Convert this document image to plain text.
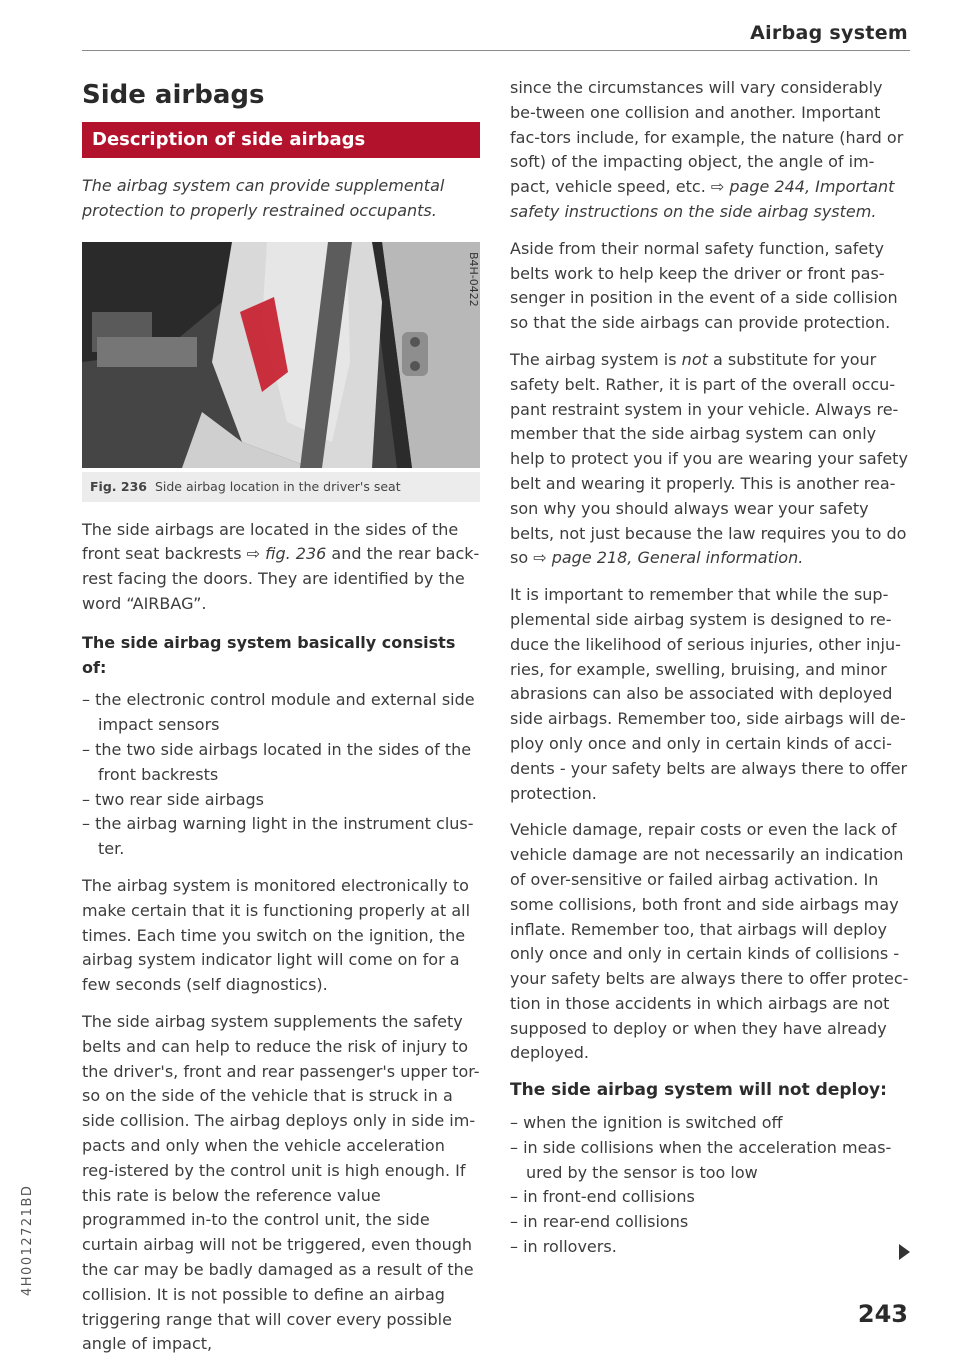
Airbag system
4H0012721BD
Side airbags
Description of side airbags

The airbag system can provide supplemental protection to properly restrained occupants.

B4H-0422
Fig. 236 Side airbag location in the driver's seat

The side airbags are located in the sides of the front seat backrests ⇨ fig. 236 and the rear back-rest facing the doors. They are identified by the word “AIRBAG”.

The side airbag system basically consists of:

– the electronic control module and external side impact sensors
– the two side airbags located in the sides of the front backrests
– two rear side airbags
– the airbag warning light in the instrument clus-ter.

The airbag system is monitored electronically to make certain that it is functioning properly at all times. Each time you switch on the ignition, the airbag system indicator light will come on for a few seconds (self diagnostics).

The side airbag system supplements the safety belts and can help to reduce the risk of injury to the driver's, front and rear passenger's upper tor-so on the side of the vehicle that is struck in a side collision. The airbag deploys only in side im-pacts and only when the vehicle acceleration reg-istered by the control unit is high enough. If this rate is below the reference value programmed in-to the control unit, the side curtain airbag will not be triggered, even though the car may be badly damaged as a result of the collision. It is not possible to define an airbag triggering range that will cover every possible angle of impact,

since the circumstances will vary considerably be-tween one collision and another. Important fac-tors include, for example, the nature (hard or soft) of the impacting object, the angle of im-pact, vehicle speed, etc. ⇨ page 244, Important safety instructions on the side airbag system.

Aside from their normal safety function, safety belts work to help keep the driver or front pas-senger in position in the event of a side collision so that the side airbags can provide protection.

The airbag system is not a substitute for your safety belt. Rather, it is part of the overall occu-pant restraint system in your vehicle. Always re-member that the side airbag system can only help to protect you if you are wearing your safety belt and wearing it properly. This is another rea-son why you should always wear your safety belts, not just because the law requires you to do so ⇨ page 218, General information.

It is important to remember that while the sup-plemental side airbag system is designed to re-duce the likelihood of serious injuries, other inju-ries, for example, swelling, bruising, and minor abrasions can also be associated with deployed side airbags. Remember too, side airbags will de-ploy only once and only in certain kinds of acci-dents - your safety belts are always there to offer protection.

Vehicle damage, repair costs or even the lack of vehicle damage are not necessarily an indication of over-sensitive or failed airbag activation. In some collisions, both front and side airbags may inflate. Remember too, that airbags will deploy only once and only in certain kinds of collisions - your safety belts are always there to offer protec-tion in those accidents in which airbags are not supposed to deploy or when they have already deployed.

The side airbag system will not deploy:

– when the ignition is switched off
– in side collisions when the acceleration meas-ured by the sensor is too low
– in front-end collisions
– in rear-end collisions
– in rollovers.
243
